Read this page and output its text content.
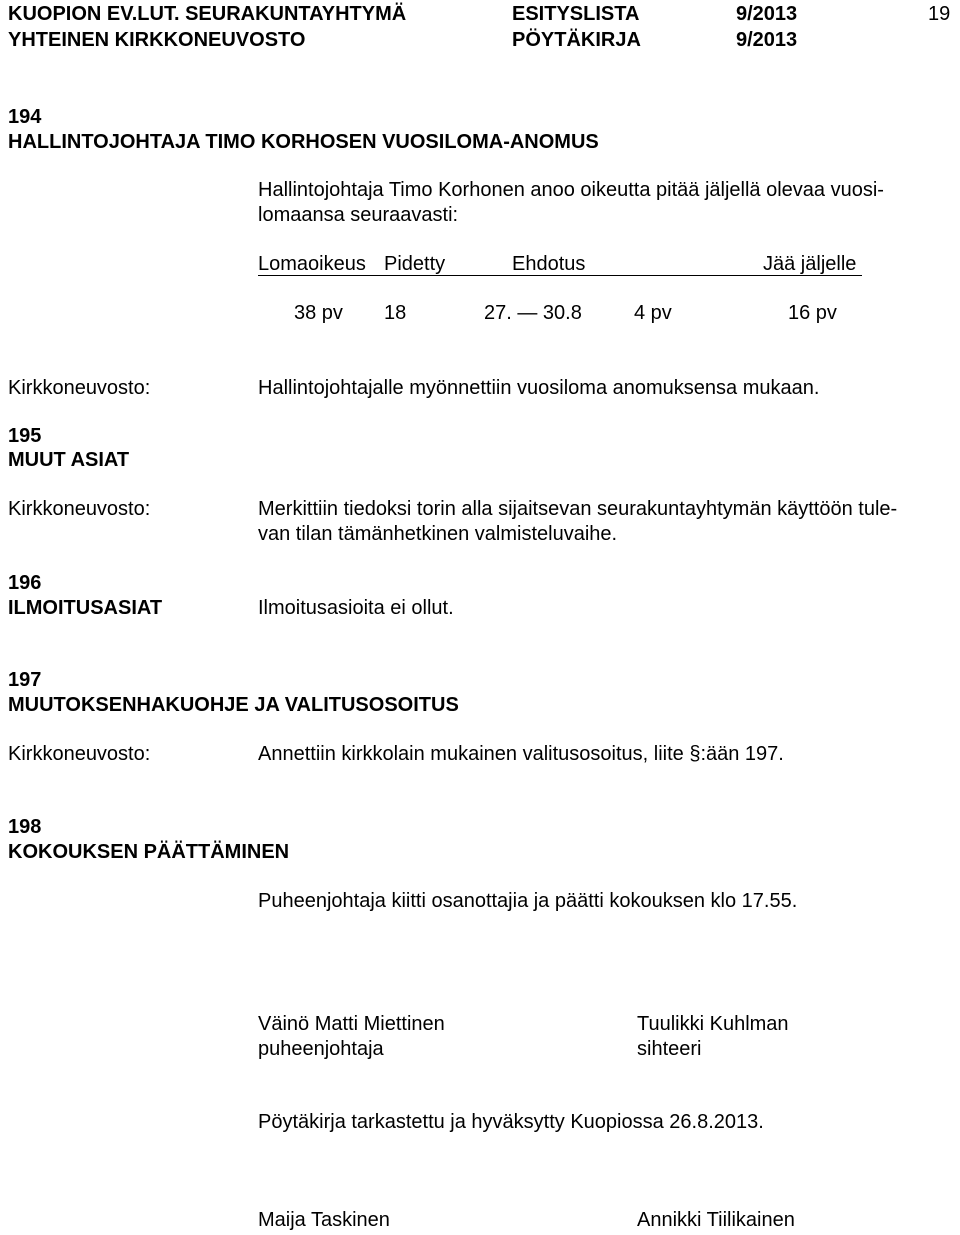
KUOPION EV.LUT. SEURAKUNTAYHTYMÄ
YHTEINEN KIRKKONEUVOSTO
ESITYSLISTA
PÖYTÄKIRJA
9/2013
9/2013
19
194
HALLINTOJOHTAJA TIMO KORHOSEN VUOSILOMA-ANOMUS
Hallintojohtaja Timo Korhonen anoo oikeutta pitää jäljellä olevaa vuosi-
lomaansa seuraavasti:
Lomaoikeus Pidetty	Ehdotus	Jää jäljelle
38 pv 18	27. — 30.8	4 pv	16 pv
Kirkkoneuvosto:	Hallintojohtajalle myönnettiin vuosiloma anomuksensa mukaan.
195
MUUT ASIAT
Kirkkoneuvosto:	Merkittiin tiedoksi torin alla sijaitsevan seurakuntayhtymän käyttöön tule-
van tilan tämänhetkinen valmisteluvaihe.
196
ILMOITUSASIAT	Ilmoitusasioita ei ollut.
197
MUUTOKSENHAKUOHJE JA VALITUSOSOITUS
Kirkkoneuvosto:	Annettiin kirkkolain mukainen valitusosoitus, liite §:ään 197.
198
KOKOUKSEN PÄÄTTÄMINEN
Puheenjohtaja kiitti osanottajia ja päätti kokouksen klo 17.55.
Väinö Matti Miettinen
puheenjohtaja
Tuulikki Kuhlman
sihteeri
Pöytäkirja tarkastettu ja hyväksytty Kuopiossa 26.8.2013.
Maija Taskinen	Annikki Tiilikainen
